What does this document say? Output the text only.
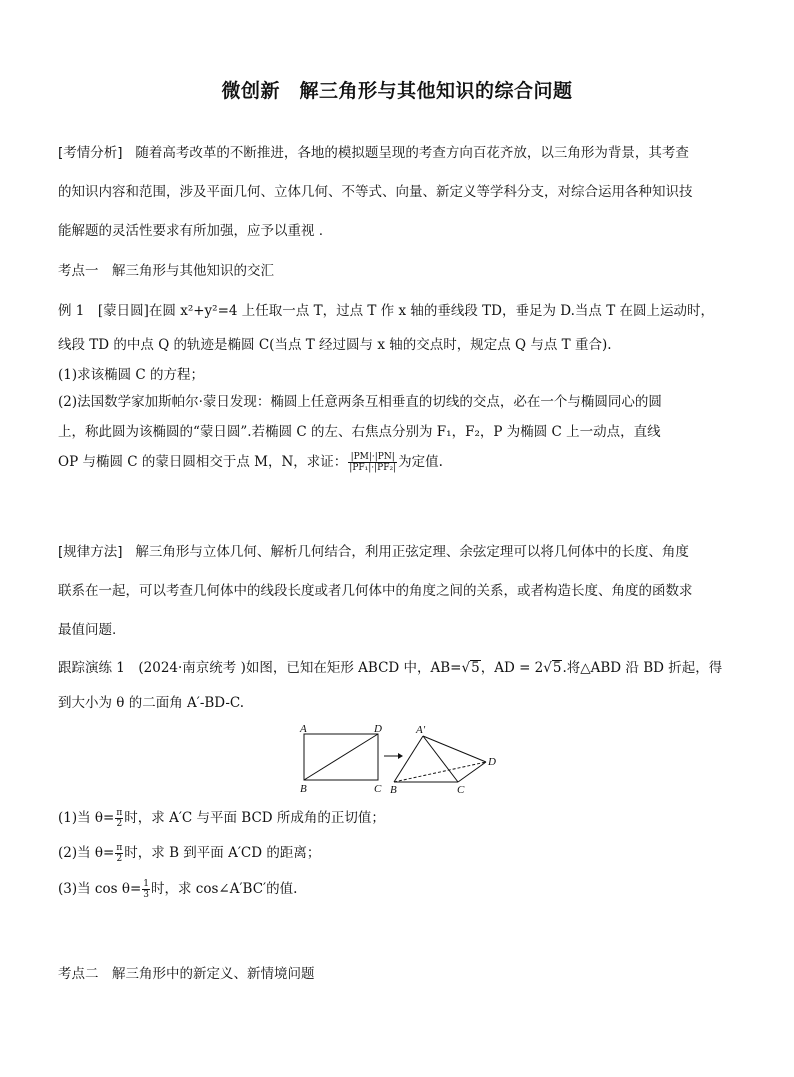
微创新　解三角形与其他知识的综合问题
[考情分析] 随着高考改革的不断推进，各地的模拟题呈现的考查方向百花齐放，以三角形为背景，其考查
的知识内容和范围，涉及平面几何、立体几何、不等式、向量、新定义等学科分支，对综合运用各种知识技
能解题的灵活性要求有所加强，应予以重视 .
考点一　解三角形与其他知识的交汇
例 1　[蒙日圆]在圆 x²+y²=4 上任取一点 T，过点 T 作 x 轴的垂线段 TD，垂足为 D.当点 T 在圆上运动时，
线段 TD 的中点 Q 的轨迹是椭圆 C(当点 T 经过圆与 x 轴的交点时，规定点 Q 与点 T 重合).
(1)求该椭圆 C 的方程；
(2)法国数学家加斯帕尔·蒙日发现：椭圆上任意两条互相垂直的切线的交点，必在一个与椭圆同心的圆
上，称此圆为该椭圆的“蒙日圆”.若椭圆 C 的左、右焦点分别为 F₁，F₂，P 为椭圆 C 上一动点，直线
OP 与椭圆 C 的蒙日圆相交于点 M，N，求证： $\frac{|PM|\cdot|PN|}{\text{|PF₁|·|PF₂|}}$ 为定值.
[规律方法] 解三角形与立体几何、解析几何结合，利用正弦定理、余弦定理可以将几何体中的长度、角度
联系在一起，可以考查几何体中的线段长度或者几何体中的角度之间的关系，或者构造长度、角度的函数求
最值问题.
跟踪演练 1　(2024·南京统考 )如图，已知在矩形 ABCD 中，AB=√5，AD = 2√5.将△ABD 沿 BD 折起，得
到大小为 θ 的二面角 A′-BD-C.
A	D
B	C
A′
D
B	C
(1)当 $\theta= \frac{\pi}{2}$ 时，求 A′C 与平面 BCD 所成角的正切值；
(2)当 $\theta= \frac{\pi}{2}$ 时，求 B 到平面 A′CD 的距离；
(3)当 $\cos \theta= \frac{1}{3}$ 时，求 cos∠A′BC′的值.
考点二　解三角形中的新定义、新情境问题
